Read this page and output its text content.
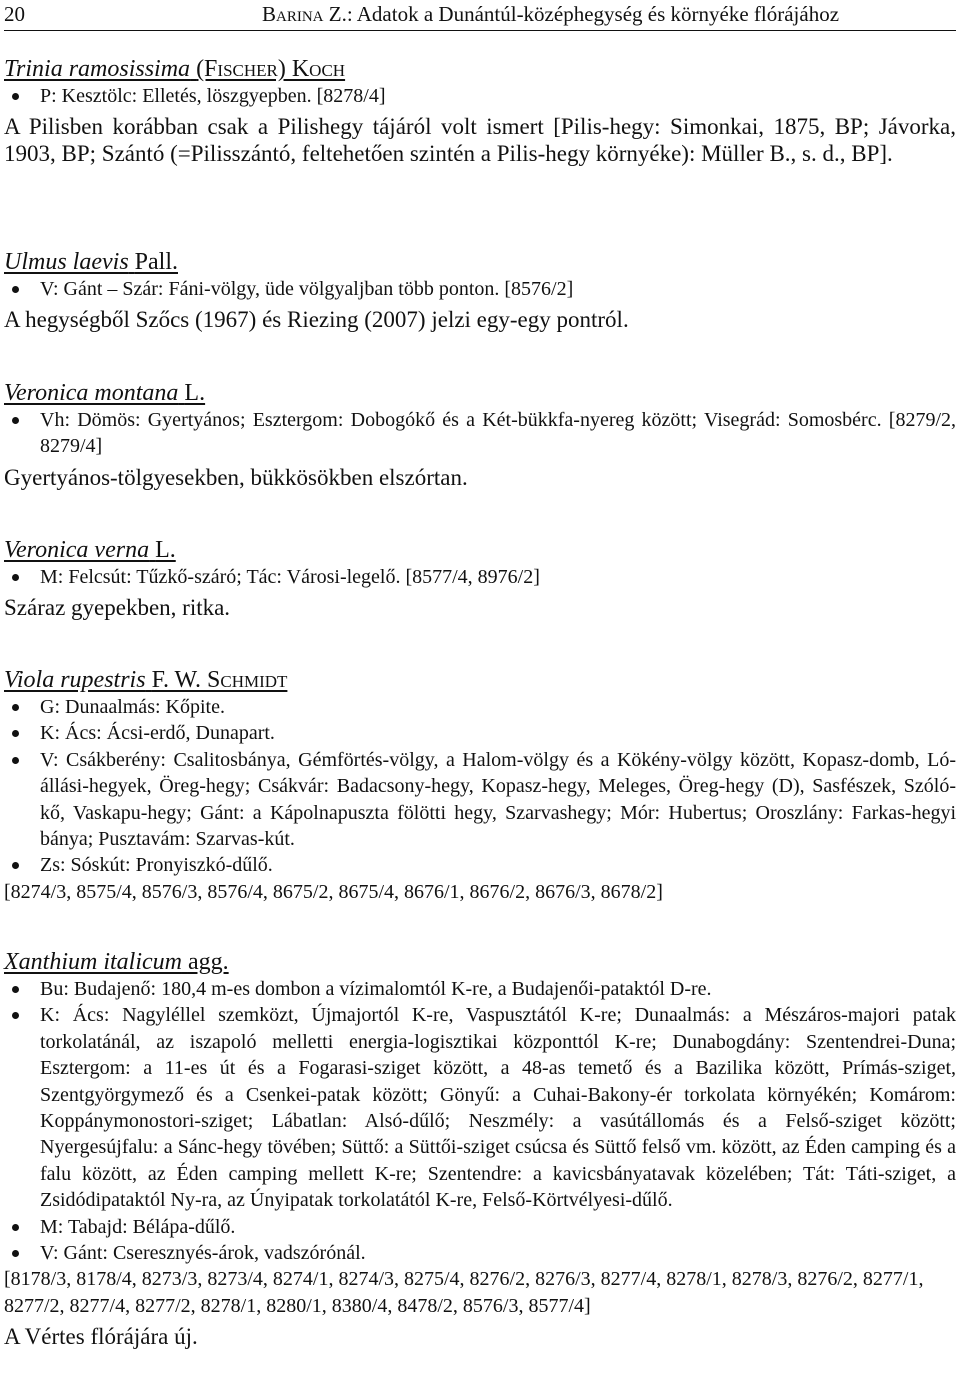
20	Barina Z.: Adatok a Dunántúl-középhegység és környéke flórájához
Trinia ramosissima (Fischer) Koch
P: Kesztölc: Elletés, löszgyepben. [8278/4]
A Pilisben korábban csak a Pilishegy tájáról volt ismert [Pilis-hegy: Simonkai, 1875, BP; Jávorka, 1903, BP; Szántó (=Pilisszántó, feltehetően szintén a Pilis-hegy környéke): Müller B., s. d., BP].
Ulmus laevis Pall.
V: Gánt – Szár: Fáni-völgy, üde völgyaljban több ponton. [8576/2]
A hegységből Szőcs (1967) és Riezing (2007) jelzi egy-egy pontról.
Veronica montana L.
Vh: Dömös: Gyertyános; Esztergom: Dobogókő és a Két-bükkfa-nyereg között; Visegrád: Somosbérc. [8279/2, 8279/4]
Gyertyános-tölgyesekben, bükkösökben elszórtan.
Veronica verna L.
M: Felcsút: Tűzkő-száró; Tác: Városi-legelő. [8577/4, 8976/2]
Száraz gyepekben, ritka.
Viola rupestris F. W. Schmidt
G: Dunaalmás: Kőpite.
K: Ács: Ácsi-erdő, Dunapart.
V: Csákberény: Csalitosbánya, Gémförtés-völgy, a Halom-völgy és a Kökény-völgy között, Kopasz-domb, Ló-állási-hegyek, Öreg-hegy; Csákvár: Badacsony-hegy, Kopasz-hegy, Meleges, Öreg-hegy (D), Sasfészek, Szóló-kő, Vaskapu-hegy; Gánt: a Kápolnapuszta fölötti hegy, Szarvashegy; Mór: Hubertus; Oroszlány: Farkas-hegyi bánya; Pusztavám: Szarvas-kút.
Zs: Sóskút: Pronyiszkó-dűlő.
[8274/3, 8575/4, 8576/3, 8576/4, 8675/2, 8675/4, 8676/1, 8676/2, 8676/3, 8678/2]
Xanthium italicum agg.
Bu: Budajenő: 180,4 m-es dombon a vízimalomtól K-re, a Budajenői-pataktól D-re.
K: Ács: Nagyléllel szemközt, Újmajortól K-re, Vaspusztától K-re; Dunaalmás: a Mészáros-majori patak torkolatánál, az iszapoló melletti energia-logisztikai központtól K-re; Dunabogdány: Szentendrei-Duna; Esztergom: a 11-es út és a Fogarasi-sziget között, a 48-as temető és a Bazilika között, Prímás-sziget, Szentgyörgymező és a Csenkei-patak között; Gönyű: a Cuhai-Bakony-ér torkolata környékén; Komárom: Koppánymonostori-sziget; Lábatlan: Alsó-dűlő; Neszmély: a vasútállomás és a Felső-sziget között; Nyergesújfalu: a Sánc-hegy tövében; Süttő: a Süttői-sziget csúcsa és Süttő felső vm. között, az Éden camping és a falu között, az Éden camping mellett K-re; Szentendre: a kavicsbányatavak közelében; Tát: Táti-sziget, a Zsidódipataktól Ny-ra, az Únyipatak torkolatától K-re, Felső-Körtvélyesi-dűlő.
M: Tabajd: Bélápa-dűlő.
V: Gánt: Cseresznyés-árok, vadszórónál.
[8178/3, 8178/4, 8273/3, 8273/4, 8274/1, 8274/3, 8275/4, 8276/2, 8276/3, 8277/4, 8278/1, 8278/3, 8276/2, 8277/1, 8277/2, 8277/4, 8277/2, 8278/1, 8280/1, 8380/4, 8478/2, 8576/3, 8577/4]
A Vértes flórájára új.
